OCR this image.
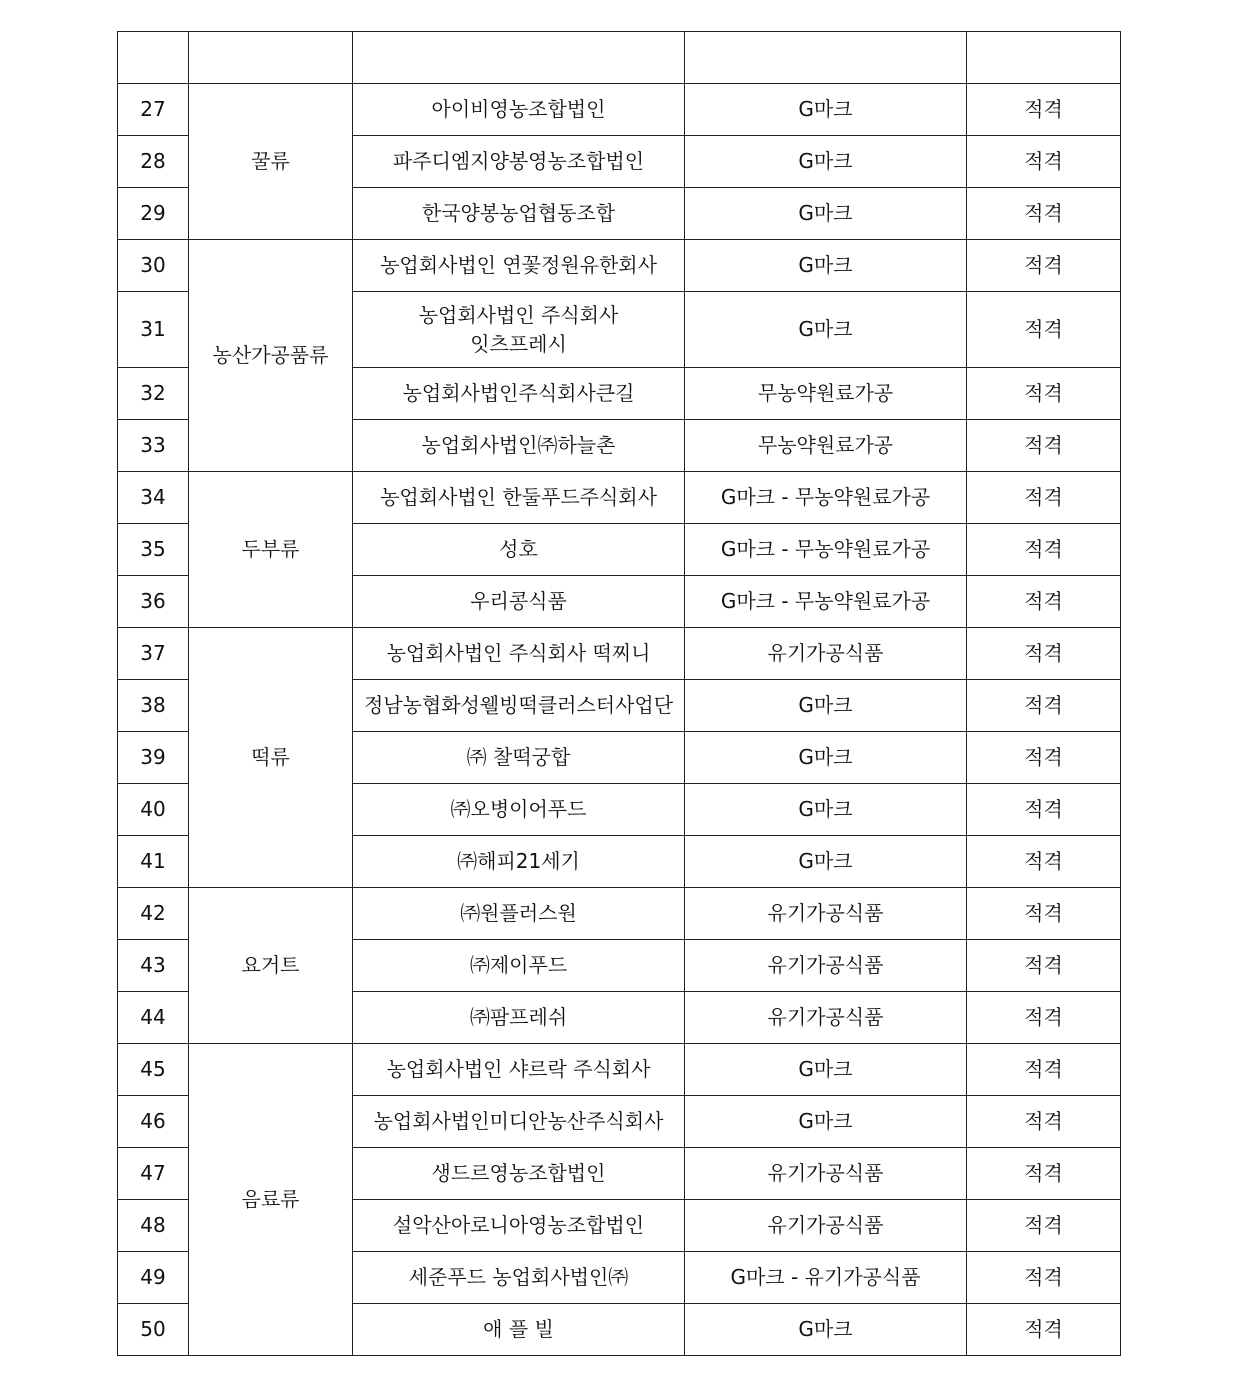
27	꿀류	아이비영농조합법인	G마크	적격
28		파주디엠지양봉영농조합법인	G마크	적격
29		한국양봉농업협동조합	G마크	적격
30	농산가공품류	농업회사법인 연꽃정원유한회사	G마크	적격
31		농업회사법인 주식회사
잇츠프레시	G마크	적격
32		농업회사법인주식회사큰길	무농약원료가공	적격
33		농업회사법인㈜하늘촌	무농약원료가공	적격
34	두부류	농업회사법인 한둘푸드주식회사	G마크 - 무농약원료가공	적격
35		성호	G마크 - 무농약원료가공	적격
36		우리콩식품	G마크 - 무농약원료가공	적격
37	떡류	농업회사법인 주식회사 떡찌니	유기가공식품	적격
38		정남농협화성웰빙떡클러스터사업단	G마크	적격
39		㈜ 찰떡궁합	G마크	적격
40		㈜오병이어푸드	G마크	적격
41		㈜해피21세기	G마크	적격
42	요거트	㈜원플러스원	유기가공식품	적격
43		㈜제이푸드	유기가공식품	적격
44		㈜팜프레쉬	유기가공식품	적격
45	음료류	농업회사법인 샤르락 주식회사	G마크	적격
46		농업회사법인미디안농산주식회사	G마크	적격
47		생드르영농조합법인	유기가공식품	적격
48		설악산아로니아영농조합법인	유기가공식품	적격
49		세준푸드 농업회사법인㈜	G마크 - 유기가공식품	적격
50		애 플 빌	G마크	적격
